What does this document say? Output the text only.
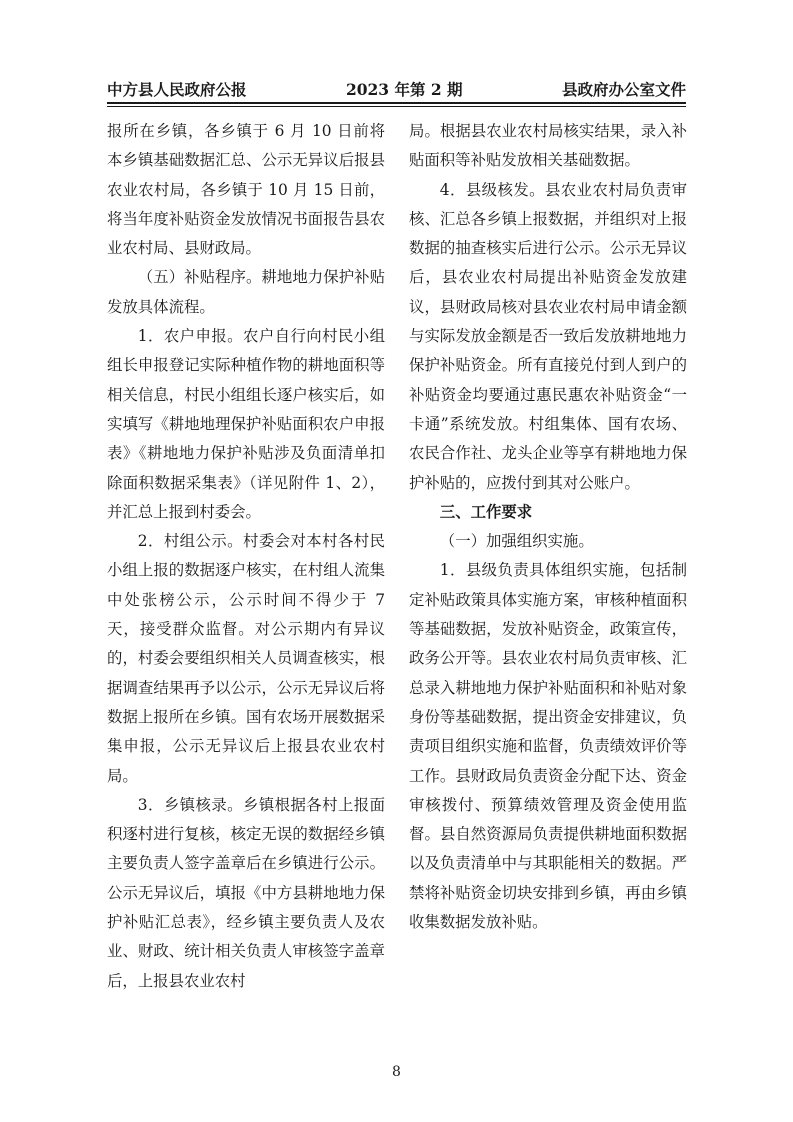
中方县人民政府公报	2023 年第 2 期	县政府办公室文件

报所在乡镇，各乡镇于 6 月 10 日前将本乡镇基础数据汇总、公示无异议后报县农业农村局，各乡镇于 10 月 15 日前，将当年度补贴资金发放情况书面报告县农业农村局、县财政局。

（五）补贴程序。耕地地力保护补贴发放具体流程。

1．农户申报。农户自行向村民小组组长申报登记实际种植作物的耕地面积等相关信息，村民小组组长逐户核实后，如实填写《耕地地理保护补贴面积农户申报表》《耕地地力保护补贴涉及负面清单扣除面积数据采集表》（详见附件 1、2），并汇总上报到村委会。

2．村组公示。村委会对本村各村民小组上报的数据逐户核实，在村组人流集中处张榜公示，公示时间不得少于 7 天，接受群众监督。对公示期内有异议的，村委会要组织相关人员调查核实，根据调查结果再予以公示，公示无异议后将数据上报所在乡镇。国有农场开展数据采集申报，公示无异议后上报县农业农村局。

3．乡镇核录。乡镇根据各村上报面积逐村进行复核，核定无误的数据经乡镇主要负责人签字盖章后在乡镇进行公示。公示无异议后，填报《中方县耕地地力保护补贴汇总表》，经乡镇主要负责人及农业、财政、统计相关负责人审核签字盖章后，上报县农业农村

局。根据县农业农村局核实结果，录入补贴面积等补贴发放相关基础数据。

4．县级核发。县农业农村局负责审核、汇总各乡镇上报数据，并组织对上报数据的抽查核实后进行公示。公示无异议后，县农业农村局提出补贴资金发放建议，县财政局核对县农业农村局申请金额与实际发放金额是否一致后发放耕地地力保护补贴资金。所有直接兑付到人到户的补贴资金均要通过惠民惠农补贴资金“一卡通”系统发放。村组集体、国有农场、农民合作社、龙头企业等享有耕地地力保护补贴的，应拨付到其对公账户。

三、工作要求

（一）加强组织实施。

1．县级负责具体组织实施，包括制定补贴政策具体实施方案，审核种植面积等基础数据，发放补贴资金，政策宣传，政务公开等。县农业农村局负责审核、汇总录入耕地地力保护补贴面积和补贴对象身份等基础数据，提出资金安排建议，负责项目组织实施和监督，负责绩效评价等工作。县财政局负责资金分配下达、资金审核拨付、预算绩效管理及资金使用监督。县自然资源局负责提供耕地面积数据以及负责清单中与其职能相关的数据。严禁将补贴资金切块安排到乡镇，再由乡镇收集数据发放补贴。

8
